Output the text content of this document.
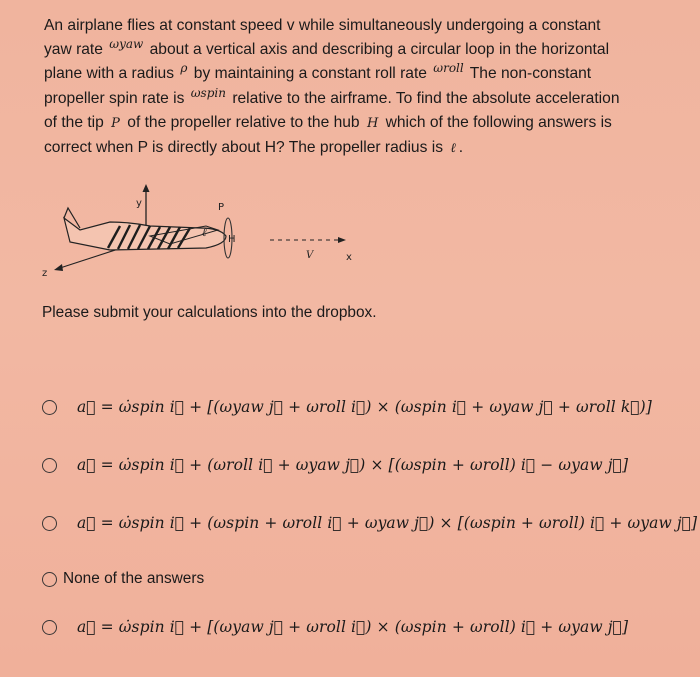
An airplane flies at constant speed v while simultaneously undergoing a constant
yaw rate $^{\omega yaw}$ about a vertical axis and describing a circular loop in the horizontal
plane with a radius $^\rho$ by maintaining a constant roll rate $^{\omega roll}$ The non-constant
propeller spin rate is $^{\omega spin}$ relative to the airframe. To find the absolute acceleration
of the tip P of the propeller relative to the hub H which of the following answers is
correct when P is directly about H? The propeller radius is ℓ .
y
x
z
P
H
ℓ
V
Please submit your calculations into the dropbox.
a⃗ = ω̇spin i⃗ + [(ωyaw j⃗ + ωroll i⃗) × (ωspin i⃗ + ωyaw j⃗ + ωroll k⃗)]
a⃗ = ω̇spin i⃗ + (ωroll i⃗ + ωyaw j⃗) × [(ωspin + ωroll) i⃗ − ωyaw j⃗]
a⃗ = ω̇spin i⃗ + (ωspin + ωroll i⃗ + ωyaw j⃗) × [(ωspin + ωroll) i⃗ + ωyaw j⃗]
None of the answers
a⃗ = ω̇spin i⃗ + [(ωyaw j⃗ + ωroll i⃗) × (ωspin + ωroll) i⃗ + ωyaw j⃗]
